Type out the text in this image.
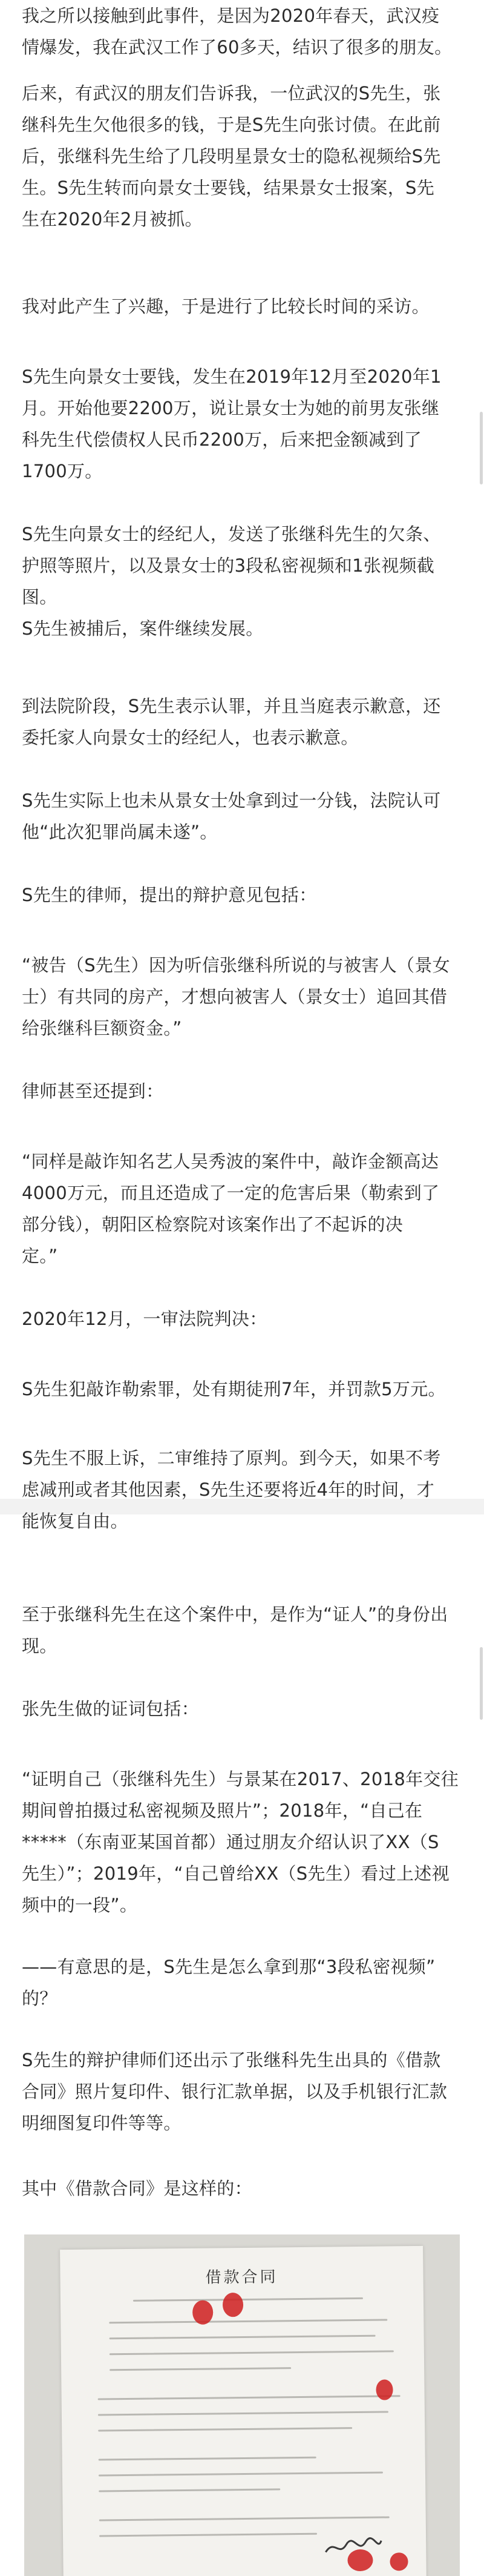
我之所以接触到此事件，是因为2020年春天，武汉疫
情爆发，我在武汉工作了60多天，结识了很多的朋友。

后来，有武汉的朋友们告诉我，一位武汉的S先生，张
继科先生欠他很多的钱，于是S先生向张讨债。在此前
后，张继科先生给了几段明星景女士的隐私视频给S先
生。S先生转而向景女士要钱，结果景女士报案，S先
生在2020年2月被抓。

我对此产生了兴趣，于是进行了比较长时间的采访。

S先生向景女士要钱，发生在2019年12月至2020年1
月。开始他要2200万，说让景女士为她的前男友张继
科先生代偿债权人民币2200万，后来把金额减到了
1700万。

S先生向景女士的经纪人，发送了张继科先生的欠条、
护照等照片，以及景女士的3段私密视频和1张视频截
图。

S先生被捕后，案件继续发展。

到法院阶段，S先生表示认罪，并且当庭表示歉意，还
委托家人向景女士的经纪人，也表示歉意。

S先生实际上也未从景女士处拿到过一分钱，法院认可
他“此次犯罪尚属未遂”。

S先生的律师，提出的辩护意见包括：

“被告（S先生）因为听信张继科所说的与被害人（景女
士）有共同的房产，才想向被害人（景女士）追回其借
给张继科巨额资金。”

律师甚至还提到：

“同样是敲诈知名艺人吴秀波的案件中，敲诈金额高达
4000万元，而且还造成了一定的危害后果（勒索到了
部分钱），朝阳区检察院对该案作出了不起诉的决
定。”

2020年12月，一审法院判决：

S先生犯敲诈勒索罪，处有期徒刑7年，并罚款5万元。

S先生不服上诉，二审维持了原判。到今天，如果不考
虑减刑或者其他因素，S先生还要将近4年的时间，才
能恢复自由。

至于张继科先生在这个案件中，是作为“证人”的身份出
现。

张先生做的证词包括：

“证明自己（张继科先生）与景某在2017、2018年交往
期间曾拍摄过私密视频及照片”；2018年，“自己在
*****（东南亚某国首都）通过朋友介绍认识了XX（S
先生）”；2019年，“自己曾给XX（S先生）看过上述视
频中的一段”。

——有意思的是，S先生是怎么拿到那“3段私密视频”
的？

S先生的辩护律师们还出示了张继科先生出具的《借款
合同》照片复印件、银行汇款单据，以及手机银行汇款
明细图复印件等等。

其中《借款合同》是这样的：

借款合同
